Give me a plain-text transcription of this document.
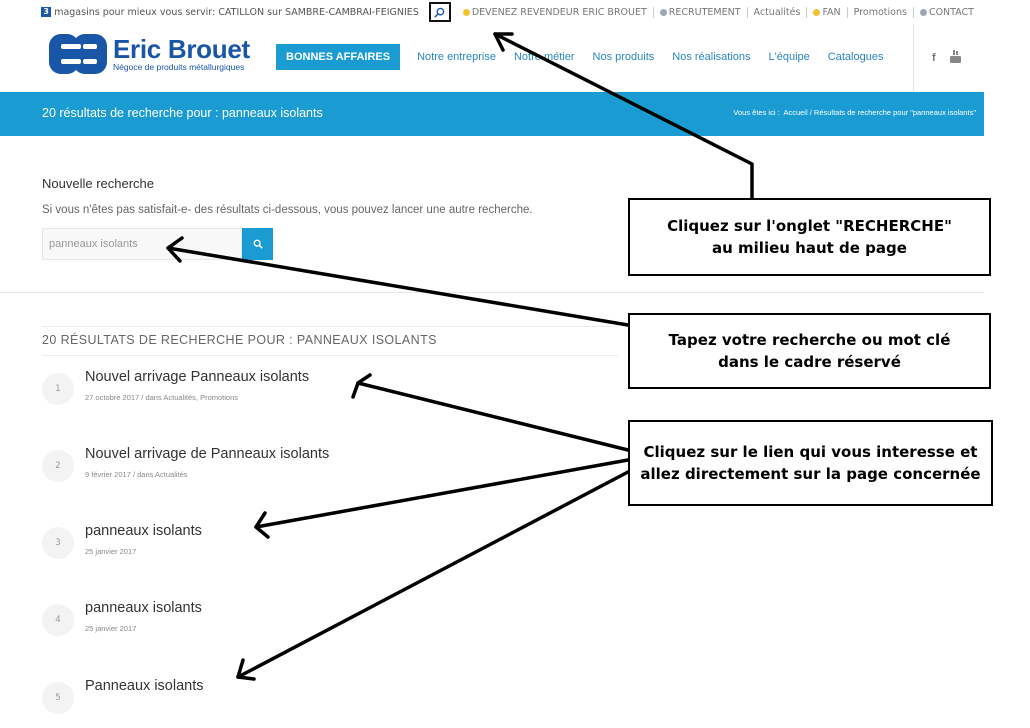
3 magasins pour mieux vous servir: CATILLON sur SAMBRE-CAMBRAI-FEIGNIES	DEVENEZ REVENDEUR ERIC BROUET RECRUTEMENT	Actualités	FAN	Promotions	CONTACT
Eric Brouet
Négoce de produits métallurgiques
BONNES AFFAIRES	Notre entreprise	Notre métier	Nos produits	Nos réalisations	L'équipe	Catalogues	f
20 résultats de recherche pour : panneaux isolants	Vous êtes ici : Accueil / Résultats de recherche pour "panneaux isolants"
Nouvelle recherche
Si vous n'êtes pas satisfait-e- des résultats ci-dessous, vous pouvez lancer une autre recherche.
panneaux isolants
20 RÉSULTATS DE RECHERCHE POUR : PANNEAUX ISOLANTS
1
Nouvel arrivage Panneaux isolants
27 octobre 2017 / dans Actualités, Promotions
2
Nouvel arrivage de Panneaux isolants
9 février 2017 / dans Actualités
3
panneaux isolants
25 janvier 2017
4
panneaux isolants
25 janvier 2017
5
Panneaux isolants
Cliquez sur l'onglet "RECHERCHE"
au milieu haut de page
Tapez votre recherche ou mot clé
dans le cadre réservé
Cliquez sur le lien qui vous interesse et
allez directement sur la page concernée
